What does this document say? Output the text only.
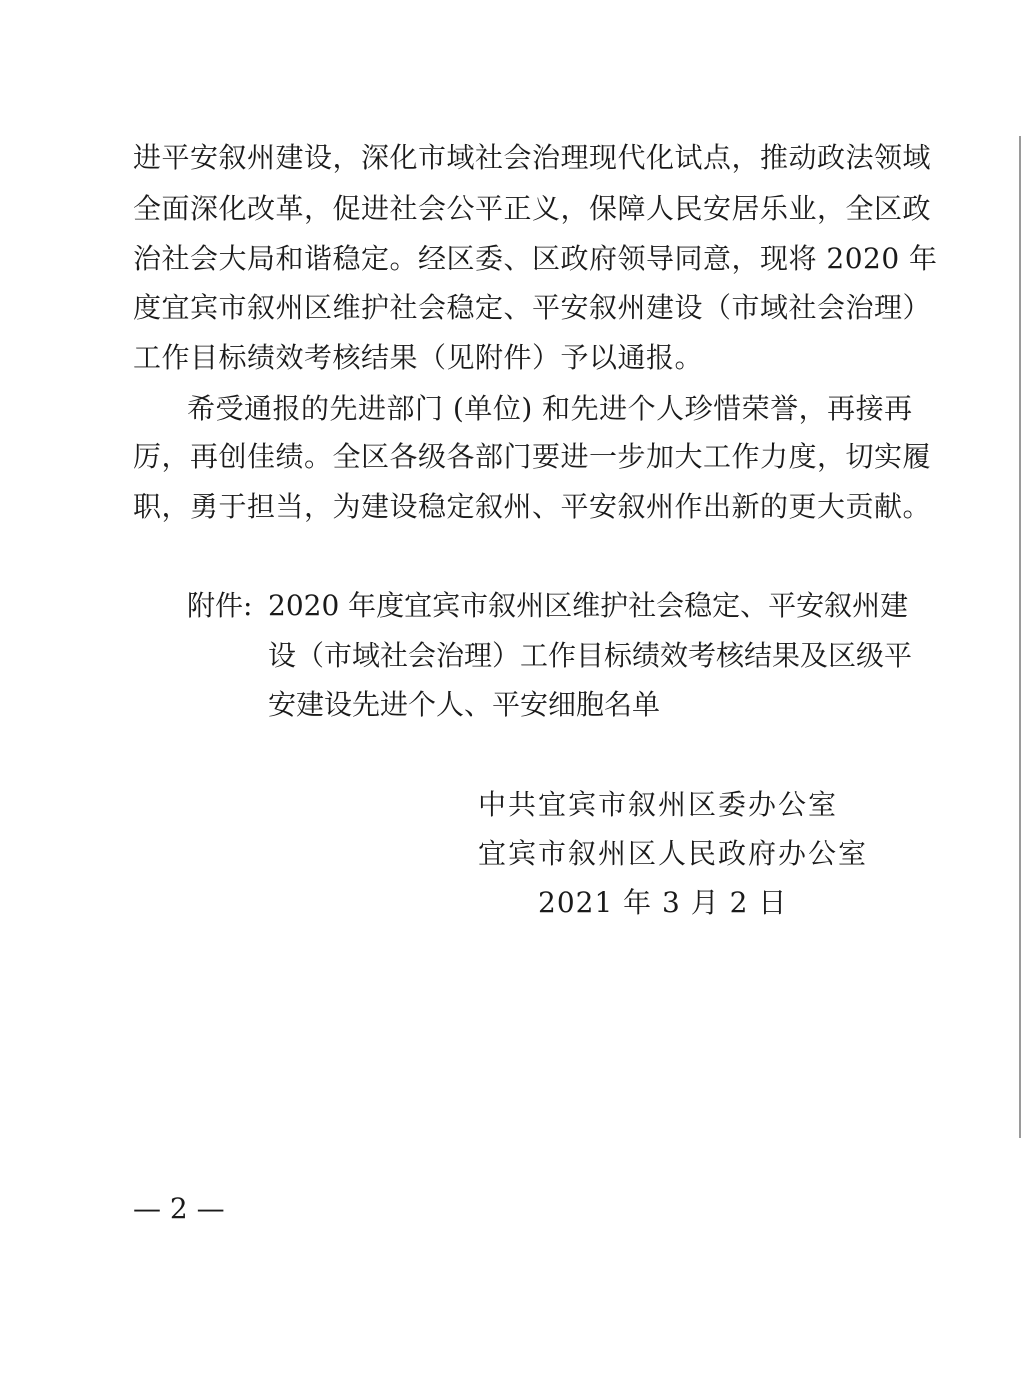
进平安叙州建设，深化市域社会治理现代化试点，推动政法领域
全面深化改革，促进社会公平正义，保障人民安居乐业，全区政
治社会大局和谐稳定。经区委、区政府领导同意，现将 2020 年
度宜宾市叙州区维护社会稳定、平安叙州建设（市域社会治理）
工作目标绩效考核结果（见附件）予以通报。
希受通报的先进部门 (单位) 和先进个人珍惜荣誉，再接再
厉，再创佳绩。全区各级各部门要进一步加大工作力度，切实履
职，勇于担当，为建设稳定叙州、平安叙州作出新的更大贡献。
附件: 2020 年度宜宾市叙州区维护社会稳定、平安叙州建
设（市域社会治理）工作目标绩效考核结果及区级平
安建设先进个人、平安细胞名单
中共宜宾市叙州区委办公室
宜宾市叙州区人民政府办公室
2021 年 3 月 2 日
— 2 —
